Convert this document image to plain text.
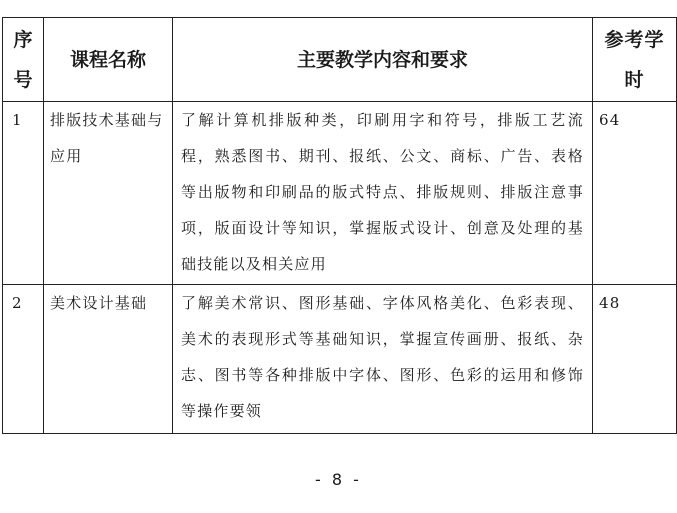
序号	课程名称	主要教学内容和要求	参考学时
1	排版技术基础与应用	了解计算机排版种类，印刷用字和符号，排版工艺流程，熟悉图书、期刊、报纸、公文、商标、广告、表格等出版物和印刷品的版式特点、排版规则、排版注意事项，版面设计等知识，掌握版式设计、创意及处理的基础技能以及相关应用	64
2	美术设计基础	了解美术常识、图形基础、字体风格美化、色彩表现、美术的表现形式等基础知识，掌握宣传画册、报纸、杂志、图书等各种排版中字体、图形、色彩的运用和修饰等操作要领	48
- 8 -
